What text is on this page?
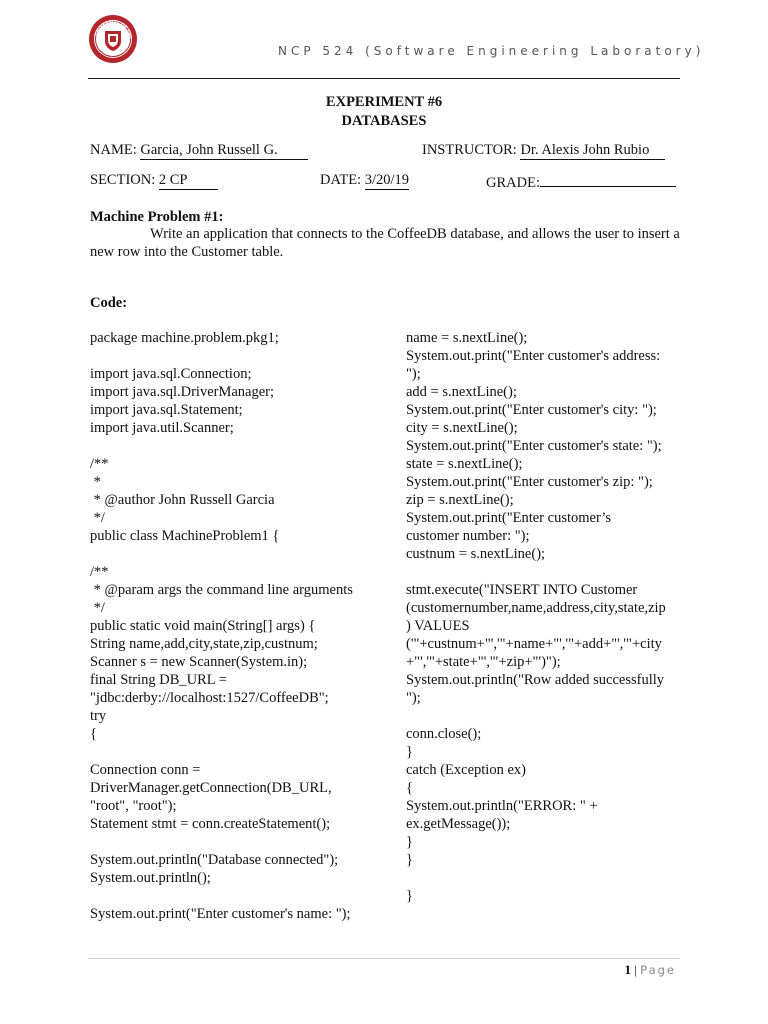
UNIVERSITY OF THE
NCP 524 (Software Engineering Laboratory)
EXPERIMENT #6
DATABASES
NAME: Garcia, John Russell G.	INSTRUCTOR: Dr. Alexis John Rubio
SECTION: 2 CP	DATE: 3/20/19	GRADE:
Machine Problem #1:
Write an application that connects to the CoffeeDB database, and allows the user to insert a new row into the Customer table.
Code:
package machine.problem.pkg1;

import java.sql.Connection;
import java.sql.DriverManager;
import java.sql.Statement;
import java.util.Scanner;

/**
*
* @author John Russell Garcia
*/
public class MachineProblem1 {

/**
* @param args the command line arguments
*/
public static void main(String[] args) {
String name,add,city,state,zip,custnum;
Scanner s = new Scanner(System.in);
final String DB_URL =
"jdbc:derby://localhost:1527/CoffeeDB";
try
{

Connection conn =
DriverManager.getConnection(DB_URL,
"root", "root");
Statement stmt = conn.createStatement();

System.out.println("Database connected");
System.out.println();

System.out.print("Enter customer's name: ");
name = s.nextLine();
System.out.print("Enter customer's address:
");
add = s.nextLine();
System.out.print("Enter customer's city: ");
city = s.nextLine();
System.out.print("Enter customer's state: ");
state = s.nextLine();
System.out.print("Enter customer's zip: ");
zip = s.nextLine();
System.out.print("Enter customer’s
customer number: ");
custnum = s.nextLine();

stmt.execute("INSERT INTO Customer
(customernumber,name,address,city,state,zip
) VALUES
('"+custnum+"','"+name+"','"+add+"','"+city
+"','"+state+"','"+zip+"')");
System.out.println("Row added successfully
");

conn.close();
}
catch (Exception ex)
{
System.out.println("ERROR: " +
ex.getMessage());
}
}

}
1 | Page
